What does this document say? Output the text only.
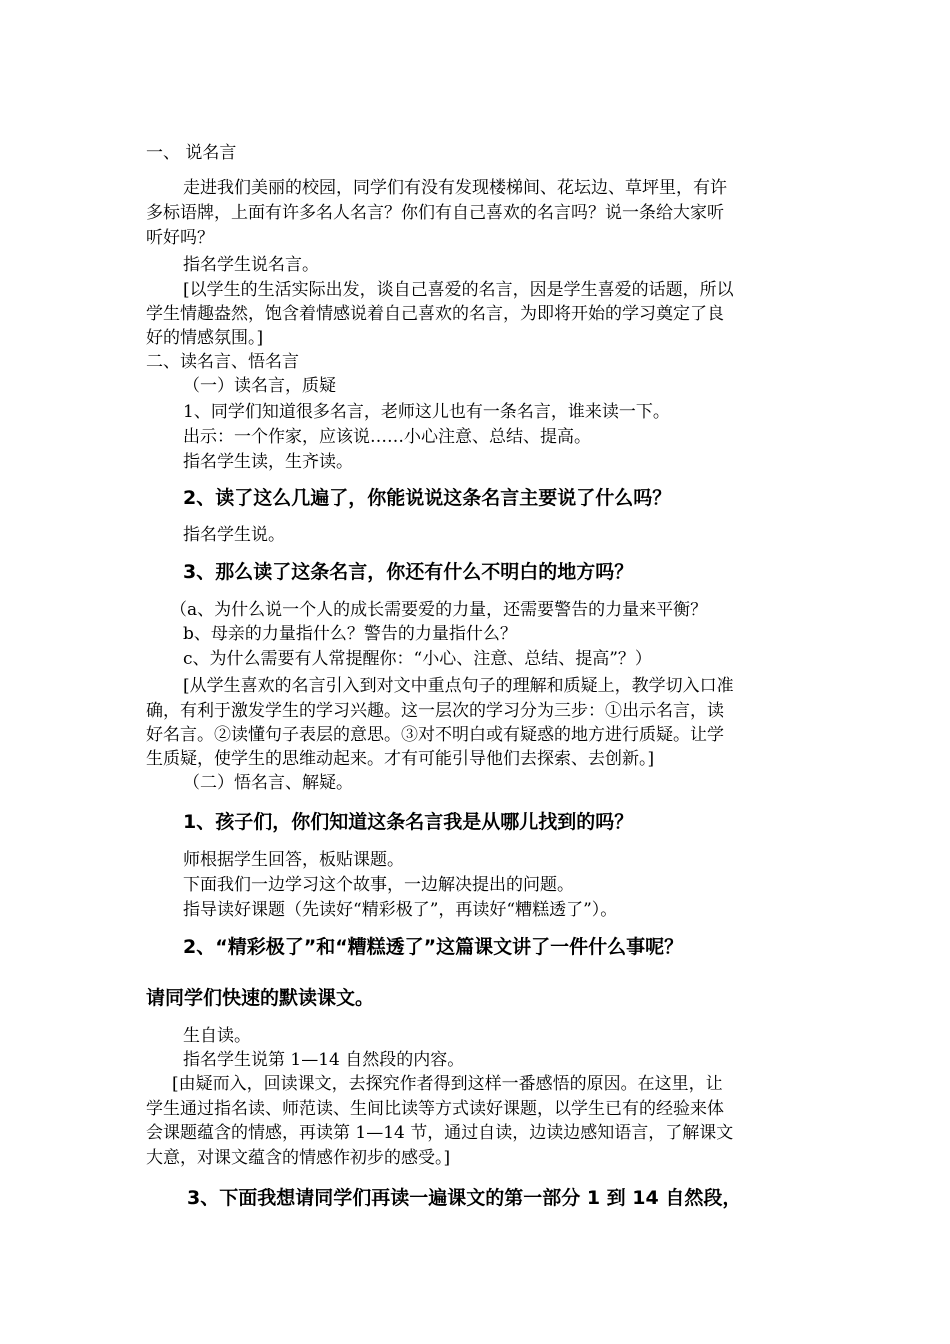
一、 说名言
走进我们美丽的校园，同学们有没有发现楼梯间、花坛边、草坪里，有许
多标语牌，上面有许多名人名言？你们有自己喜欢的名言吗？说一条给大家听
听好吗？
指名学生说名言。
[以学生的生活实际出发，谈自己喜爱的名言，因是学生喜爱的话题，所以
学生情趣盎然，饱含着情感说着自己喜欢的名言，为即将开始的学习奠定了良
好的情感氛围。]
二、读名言、悟名言
（一）读名言，质疑
1、同学们知道很多名言，老师这儿也有一条名言，谁来读一下。
出示：一个作家，应该说……小心注意、总结、提高。
指名学生读，生齐读。
2、读了这么几遍了，你能说说这条名言主要说了什么吗？
指名学生说。
3、那么读了这条名言，你还有什么不明白的地方吗？
（a、为什么说一个人的成长需要爱的力量，还需要警告的力量来平衡？
b、母亲的力量指什么？警告的力量指什么？
c、为什么需要有人常提醒你：“小心、注意、总结、提高”？）
[从学生喜欢的名言引入到对文中重点句子的理解和质疑上，教学切入口准
确，有利于激发学生的学习兴趣。这一层次的学习分为三步：①出示名言，读
好名言。②读懂句子表层的意思。③对不明白或有疑惑的地方进行质疑。让学
生质疑，使学生的思维动起来。才有可能引导他们去探索、去创新。]
（二）悟名言、解疑。
1、孩子们，你们知道这条名言我是从哪儿找到的吗？
师根据学生回答，板贴课题。
下面我们一边学习这个故事，一边解决提出的问题。
指导读好课题（先读好“精彩极了”，再读好“糟糕透了”）。
2、“精彩极了”和“糟糕透了”这篇课文讲了一件什么事呢？
请同学们快速的默读课文。
生自读。
指名学生说第 1—14 自然段的内容。
[由疑而入，回读课文，去探究作者得到这样一番感悟的原因。在这里，让
学生通过指名读、师范读、生间比读等方式读好课题，以学生已有的经验来体
会课题蕴含的情感，再读第 1—14 节，通过自读，边读边感知语言，了解课文
大意，对课文蕴含的情感作初步的感受。]
3、下面我想请同学们再读一遍课文的第一部分 1 到 14 自然段，
